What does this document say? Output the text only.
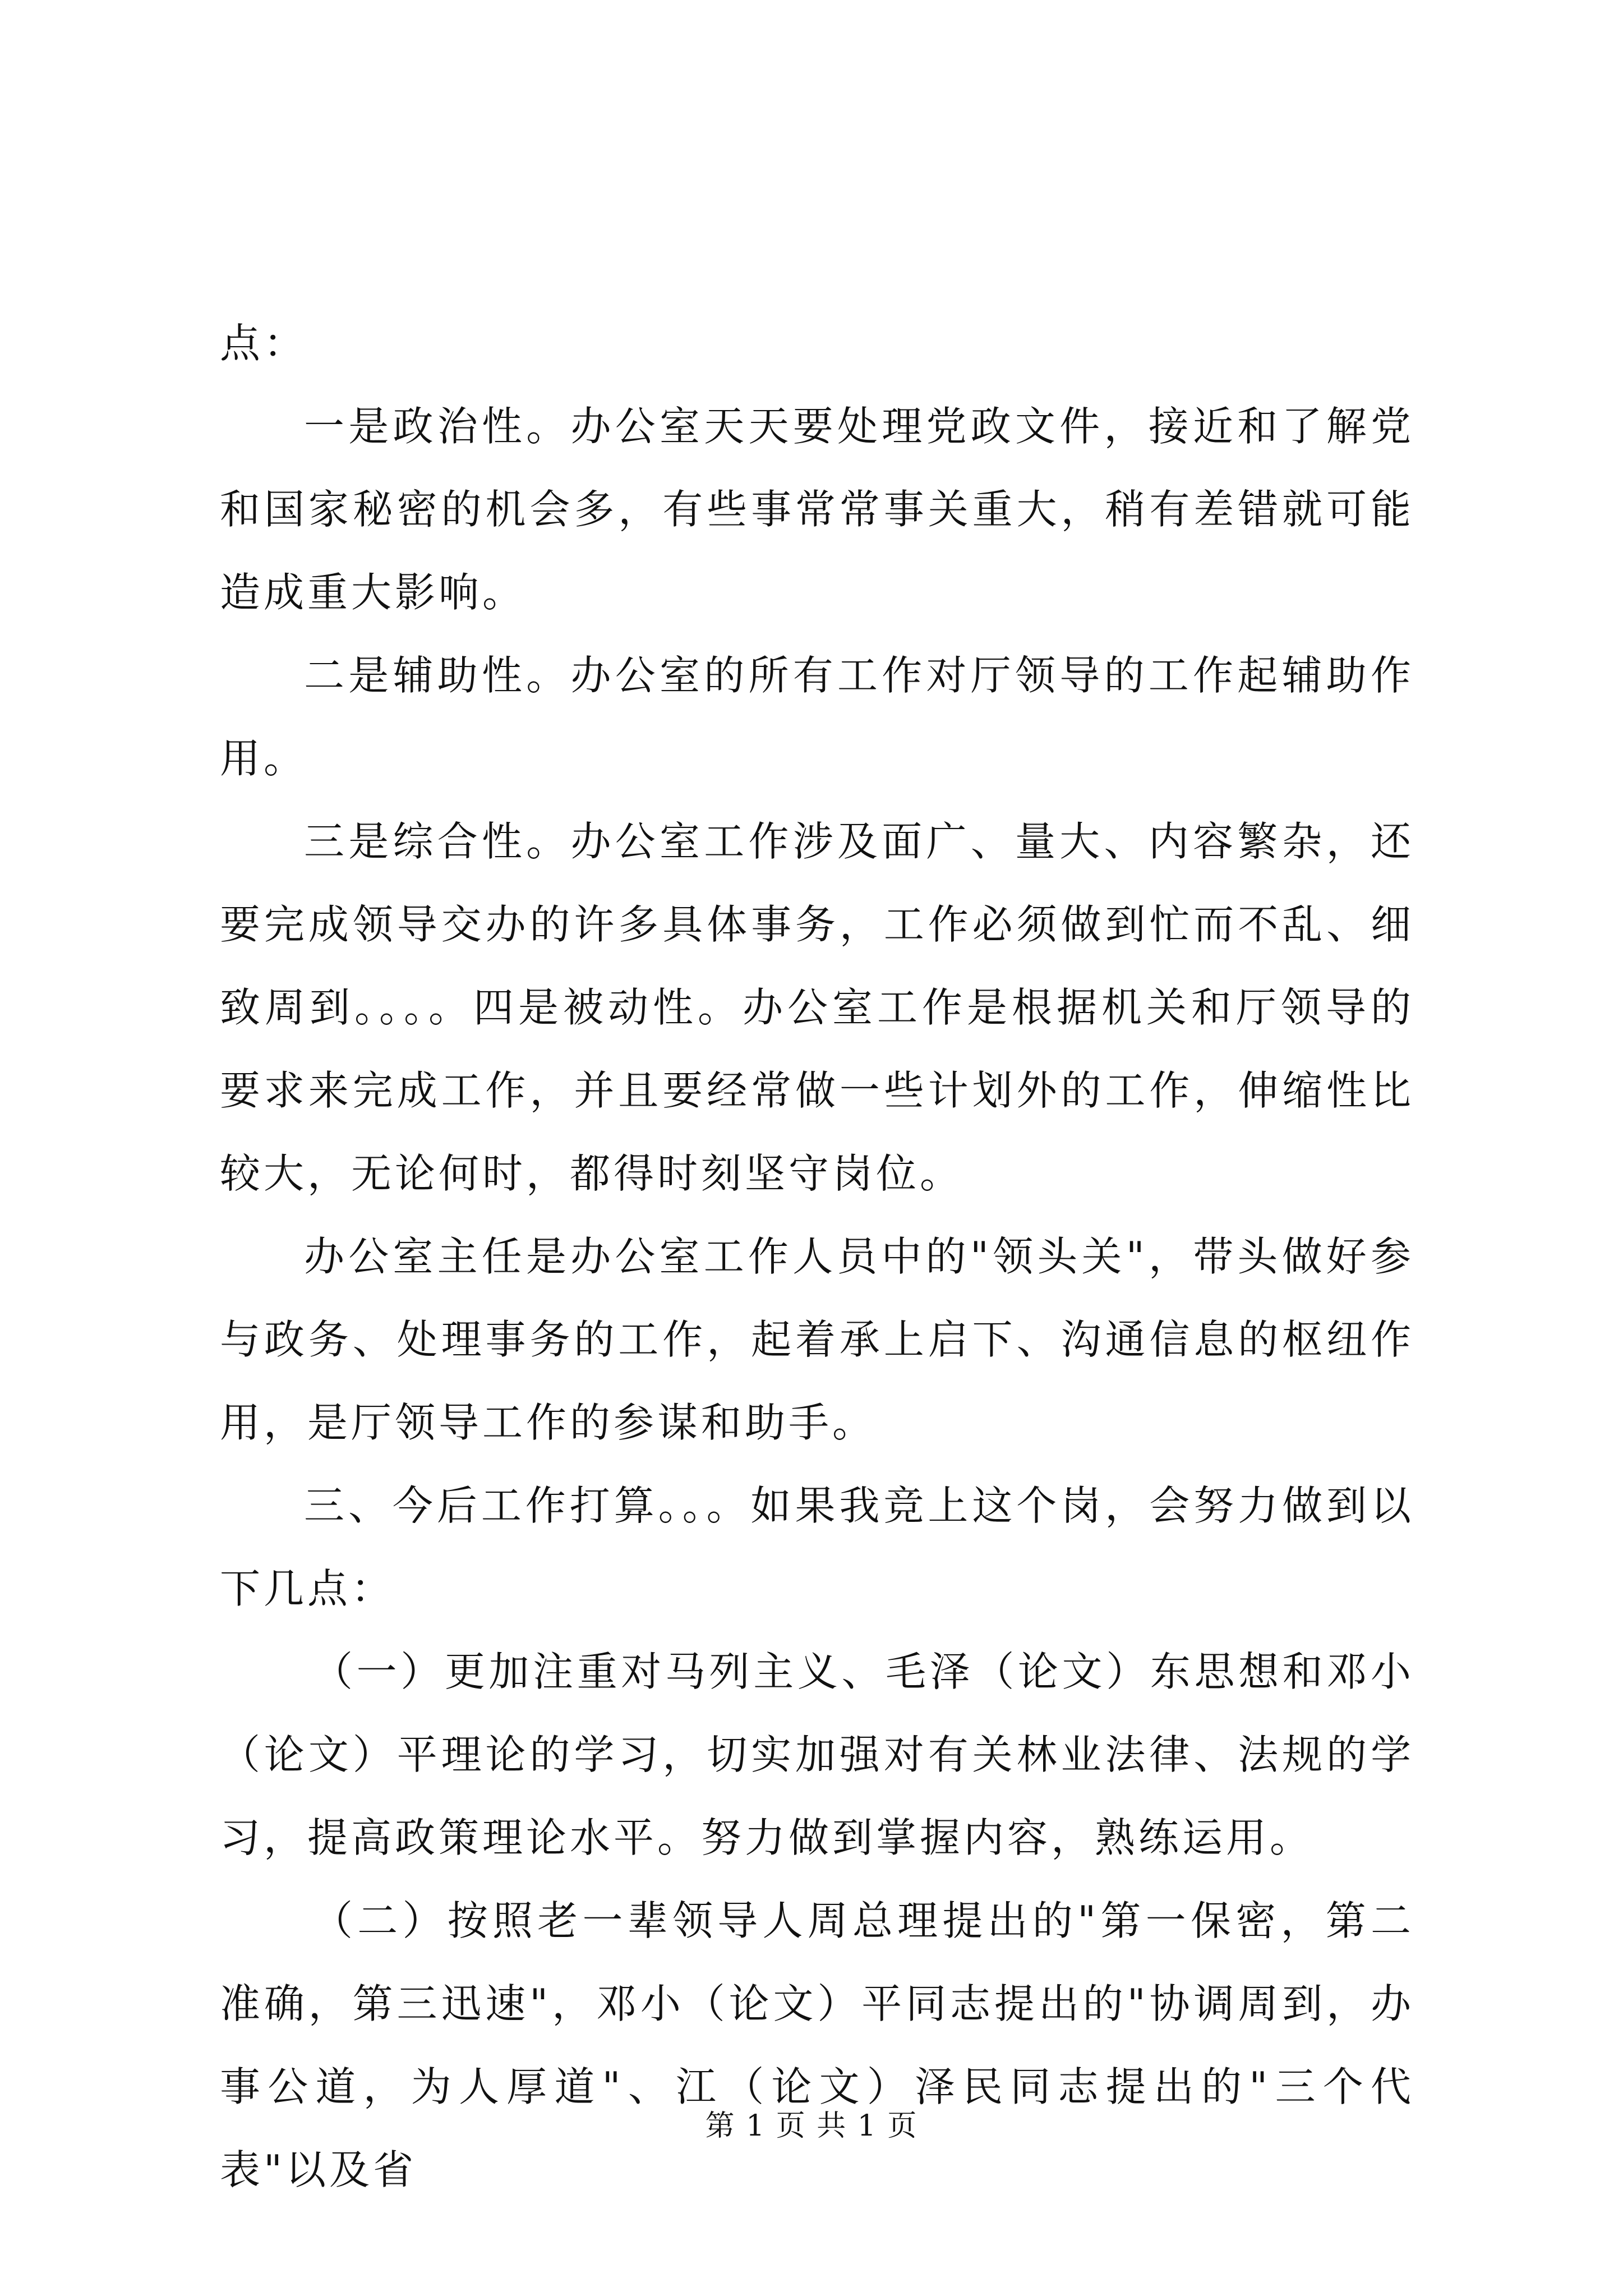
点：

一是政治性。办公室天天要处理党政文件，接近和了解党和国家秘密的机会多，有些事常常事关重大，稍有差错就可能造成重大影响。

二是辅助性。办公室的所有工作对厅领导的工作起辅助作用。

三是综合性。办公室工作涉及面广、量大、内容繁杂，还要完成领导交办的许多具体事务，工作必须做到忙而不乱、细致周到。。。。四是被动性。办公室工作是根据机关和厅领导的要求来完成工作，并且要经常做一些计划外的工作，伸缩性比较大，无论何时，都得时刻坚守岗位。

办公室主任是办公室工作人员中的"领头关"，带头做好参与政务、处理事务的工作，起着承上启下、沟通信息的枢纽作用，是厅领导工作的参谋和助手。

三、今后工作打算。。。如果我竞上这个岗，会努力做到以下几点：

（一）更加注重对马列主义、毛泽（论文）东思想和邓小（论文）平理论的学习，切实加强对有关林业法律、法规的学习，提高政策理论水平。努力做到掌握内容，熟练运用。

（二）按照老一辈领导人周总理提出的"第一保密，第二准确，第三迅速"，邓小（论文）平同志提出的"协调周到，办事公道，为人厚道"、江（论文）泽民同志提出的"三个代表"以及省

第 1 页 共 1 页
